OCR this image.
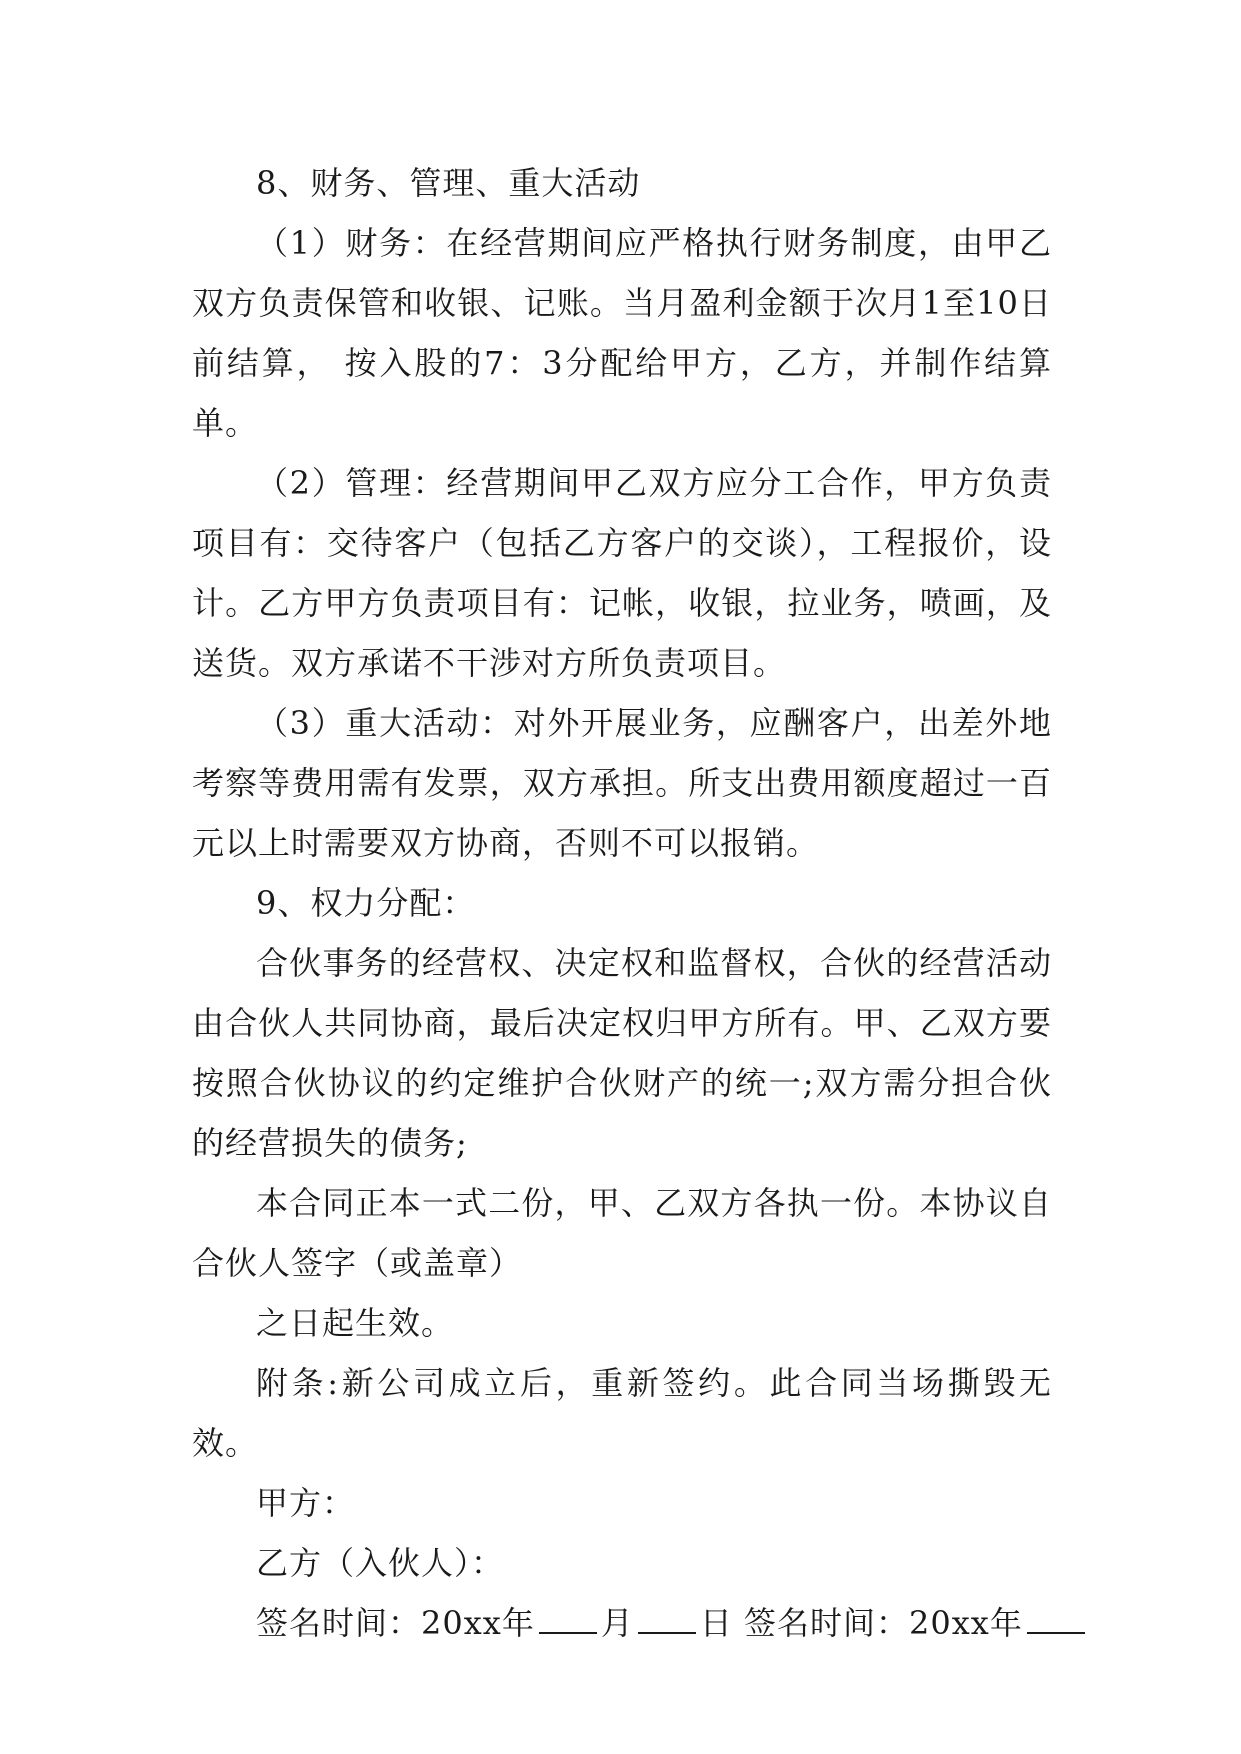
8、财务、管理、重大活动

（1）财务：在经营期间应严格执行财务制度，由甲乙双方负责保管和收银、记账。当月盈利金额于次月1至10日前结算， 按入股的7：3分配给甲方，乙方，并制作结算单。

（2）管理：经营期间甲乙双方应分工合作，甲方负责项目有：交待客户（包括乙方客户的交谈），工程报价，设计。乙方甲方负责项目有：记帐，收银，拉业务，喷画，及送货。双方承诺不干涉对方所负责项目。

（3）重大活动：对外开展业务，应酬客户，出差外地考察等费用需有发票，双方承担。所支出费用额度超过一百元以上时需要双方协商，否则不可以报销。

9、权力分配：

合伙事务的经营权、决定权和监督权，合伙的经营活动由合伙人共同协商，最后决定权归甲方所有。甲、乙双方要按照合伙协议的约定维护合伙财产的统一;双方需分担合伙的经营损失的债务;

本合同正本一式二份，甲、乙双方各执一份。本协议自合伙人签字（或盖章）

之日起生效。

附条:新公司成立后，重新签约。此合同当场撕毁无效。

甲方：

乙方（入伙人）：

签名时间：20xx年 月 日 签名时间：20xx年
